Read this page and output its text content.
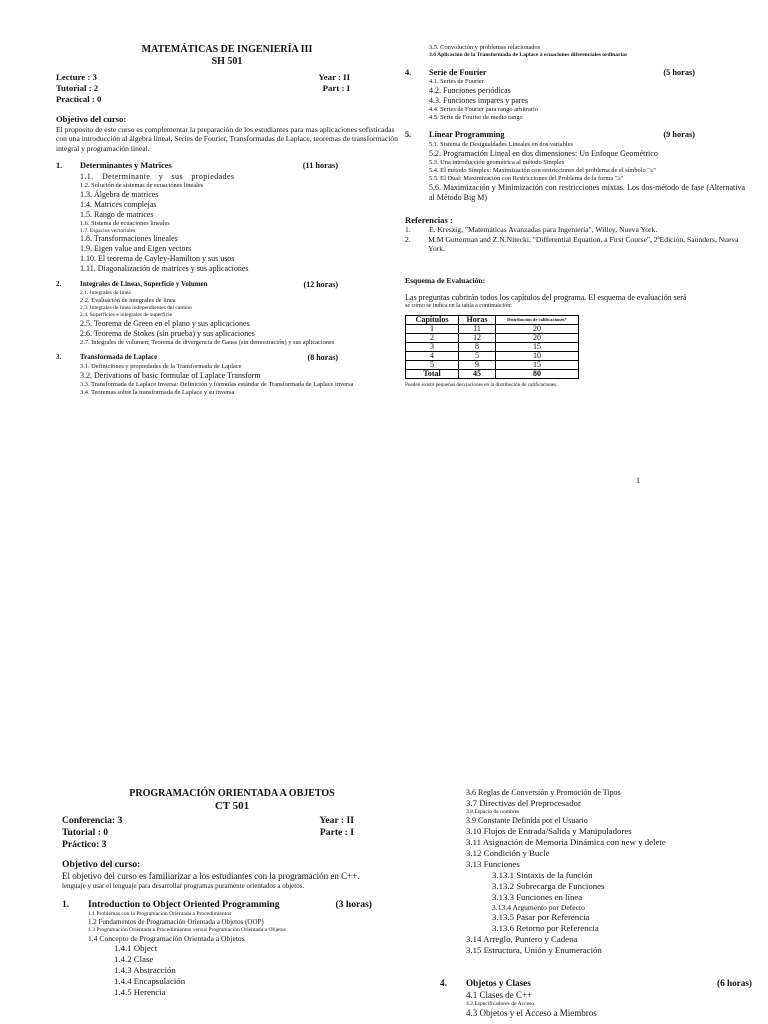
MATEMÁTICAS DE INGENIERÍA III
SH 501
Lecture : 3	Year : II
Tutorial : 2	Part : I
Practical : 0
Objetivo del curso:
El proposito de este curso es complementar la preparación de los estudiantes para mas aplicaciones sofisticadas con una introducción al álgebra lineal, Series de Fourier, Transformadas de Laplace, teoremas de transformación integral y programación lineal.
1.	Determinantes y Matrices	(11 horas)
1.1. Determinante y sus propiedades
1.2. Solución de sistemas de ecuaciones lineales
1.3. Álgebra de matrices
1.4. Matrices complejas
1.5. Rango de matrices
1.6. Sistema de ecuaciones lineales
1.7. Espacios vectoriales
1.8. Transformaciones lineales
1.9. Eigen value and Eigen vectors
1.10. El teorema de Cayley-Hamilton y sus usos
1.11. Diagonalización de matrices y sus aplicaciones
2.	Integrales de Lineas, Superficie y Volumen	(12 horas)
2.1. Integrales de linea
2.2. Evaluación de integrales de linea
2.3. Integrales de linea independientes del camino
2.4. Superficies e integrales de superficie
2.5. Teorema de Green en el plano y sus aplicaciones
2.6. Teorema de Stokes (sin prueba) y sus aplicaciones
2.7. Integrales de volumen; Teorema de divergencia de Gauss (sin demostración) y sus aplicaciones
3.	Transformada de Laplace	(8 horas)
3.1. Definiciones y propiedades de la Transformada de Laplace
3.2. Derivations of basic formulae of Laplace Transform
3.3. Transformada de Laplace Inversa: Definición y fórmulas estándar de Transformada de Laplace inversa
3.4. Teoremas sobre la transformada de Laplace y su inversa
3.5. Convolución y problemas relacionados
3.6 Aplicación de la Transformada de Laplace a ecuaciones diferenciales ordinarias
4.	Serie de Fourier	(5 horas)
4.1. Series de Fourier
4.2. Funciones periódicas
4.3. Funciones impares y pares
4.4. Series de Fourier para rango arbitrario
4.5. Serie de Fourier de medio rango
5.	Linear Programming	(9 horas)
5.1. Sistema de Desigualdades Lineales en dos variables
5.2. Programación Lineal en dos dimensiones: Un Enfoque Geométrico
5.3. Una introducción geométrica al método Simplex
5.4. El método Símplex: Maximización con restricciones del problema de el símbolo "≤"
5.5. El Dual: Maximización con Restricciones del Problema de la forma "≥"
5.6. Maximización y Minimización con restricciones mixtas. Los dos-método de fase (Alternativa al Método Big M)
Referencias :
1.	E. Kreszig, "Matemáticas Avanzadas para Ingeniería", Willey, Nueva York.
2.	M.M Gutterman and Z.N.Nitecki, "Differential Equation, a First Course", 2ªEdición, Saunders, Nueva York.
Esquema de Evaluación:
Las preguntas cubrirán todos los capítulos del programa. El esquema de evaluación será
sé como se indica en la tabla a continuación:
Capítulos	Horas	Distribución de calificaciones*
1	11	20
2	12	20
3	8	15
4	5	10
5	9	15
Total	45	80
Pueden existir pequeñas desviaciones en la distribución de calificaciones.
1
PROGRAMACIÓN ORIENTADA A OBJETOS
CT 501
Conferencia: 3	Year : II
Tutorial : 0	Parte : I
Práctico: 3
Objetivo del curso:
El objetivo del curso es familiarizar a los estudiantes con la programación en C++.
lenguaje y usar el lenguaje para desarrollar programas puramente orientados a objetos.
1.	Introduction to Object Oriented Programming	(3 horas)
1.1 Problemas con la Programación Orientada a Procedimientos
1.2 Fundamentos de Programación Orientada a Objetos (OOP)
1.3 Programación Orientada a Procedimientos versus Programación Orientada a Objetos
1.4 Concepto de Programación Orientada a Objetos
1.4.1 Object
1.4.2 Clase
1.4.3 Abstracción
1.4.4 Encapsulación
1.4.5 Herencia
3.6 Reglas de Conversión y Promoción de Tipos
3.7 Directivas del Preprocesador
3.8 Espacio de nombres
3.9 Constante Definida por el Usuario
3.10 Flujos de Entrada/Salida y Manipuladores
3.11 Asignación de Memoria Dinámica con new y delete
3.12 Condición y Bucle
3.13 Funciones
3.13.1 Sintaxis de la función
3.13.2 Sobrecarga de Funciones
3.13.3 Funciones en línea
3.13.4 Argumento por Defecto
3.13.5 Pasar por Referencia
3.13.6 Retorno por Referencia
3.14 Arreglo, Puntero y Cadena
3.15 Estructura, Unión y Enumeración
4.	Objetos y Clases	(6 horas)
4.1 Clases de C++
4.2 Especificadores de Acceso
4.3 Objetos y el Acceso a Miembros
